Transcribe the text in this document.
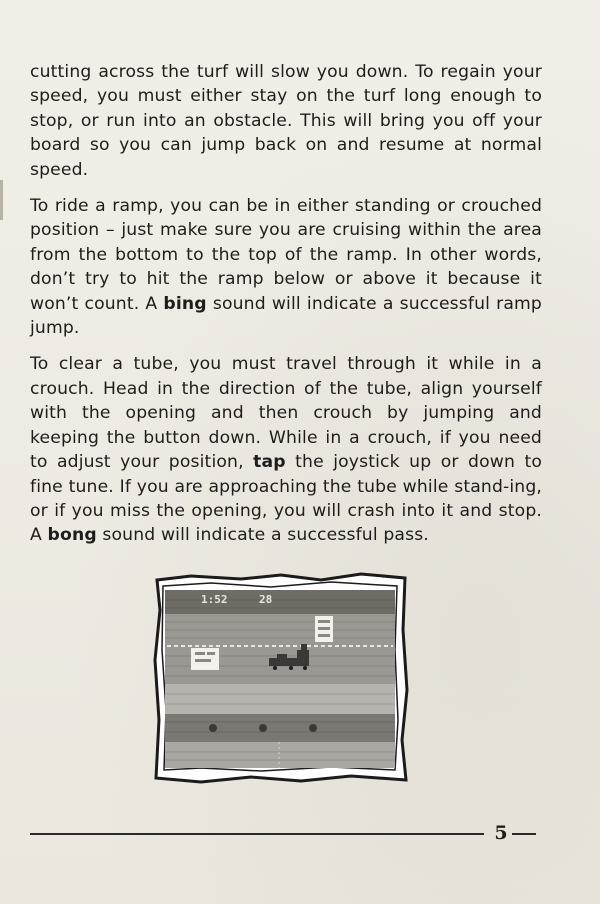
cutting across the turf will slow you down. To regain your speed, you must either stay on the turf long enough to stop, or run into an obstacle. This will bring you off your board so you can jump back on and resume at normal speed.

To ride a ramp, you can be in either standing or crouched position – just make sure you are cruising within the area from the bottom to the top of the ramp. In other words, don’t try to hit the ramp below or above it because it won’t count. A bing sound will indicate a successful ramp jump.

To clear a tube, you must travel through it while in a crouch. Head in the direction of the tube, align yourself with the opening and then crouch by jumping and keeping the button down. While in a crouch, if you need to adjust your position, tap the joystick up or down to fine tune. If you are approaching the tube while stand-ing, or if you miss the opening, you will crash into it and stop. A bong sound will indicate a successful pass.

1:52	28
5
